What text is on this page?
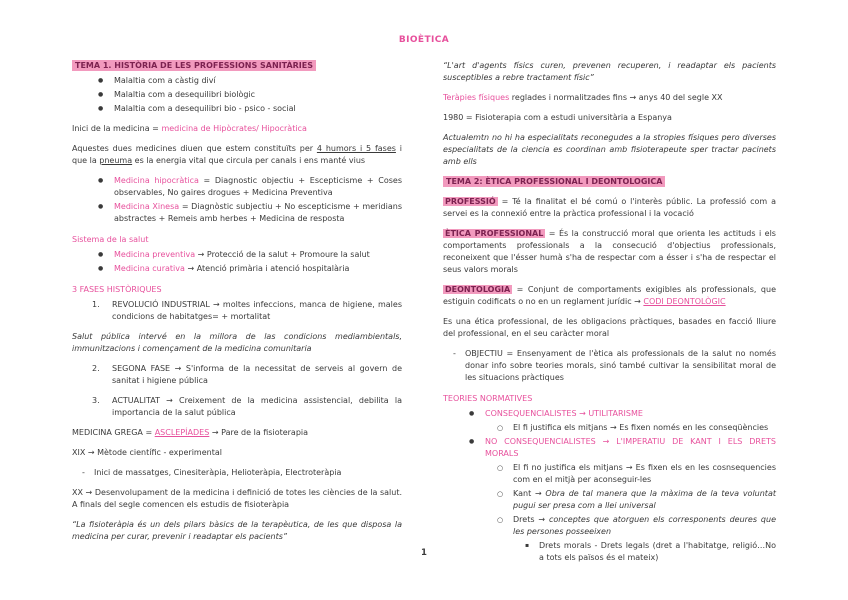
BIOÈTICA
TEMA 1. HISTÒRIA DE LES PROFESSIONS SANITÀRIES
●	Malaltia com a càstig diví
●	Malaltia com a desequilibri biològic
●	Malaltia com a desequilibri bio - psico - social
Inici de la medicina = medicina de Hipòcrates/ Hipocràtica
Aquestes dues medicines diuen que estem constituïts per 4 humors i 5 fases i que la pneuma es la energia vital que circula per canals i ens manté vius
●	Medicina hipocràtica = Diagnostic objectiu + Escepticisme + Coses observables, No gaires drogues + Medicina Preventiva
●	Medicina Xinesa = Diagnòstic subjectiu + No escepticisme + meridians abstractes + Remeis amb herbes + Medicina de resposta
Sistema de la salut
●	Medicina preventiva → Protecció de la salut + Promoure la salut
●	Medicina curativa → Atenció primària i atenció hospitalària
3 FASES HISTÒRIQUES
1.	REVOLUCIÓ INDUSTRIAL → moltes infeccions, manca de higiene, males condicions de habitatges= + mortalitat
Salut pública intervé en la millora de las condicions mediambientals, immunitzacions i començament de la medicina comunitaria
2.	SEGONA FASE → S'informa de la necessitat de serveis al govern de sanitat i higiene pública
3.	ACTUALITAT → Creixement de la medicina assistencial, debilita la importancia de la salut pública
MEDICINA GREGA = ASCLEPÍADES → Pare de la fisioterapia
XIX → Mètode científic - experimental
-	Inici de massatges, Cinesiteràpia, Helioteràpia, Electroteràpia
XX → Desenvolupament de la medicina i definició de totes les ciències de la salut. A finals del segle comencen els estudis de fisioteràpia
“La fisioteràpia és un dels pilars bàsics de la terapèutica, de les que disposa la medicina per curar, prevenir i readaptar els pacients”
“L'art d'agents físics curen, prevenen recuperen, i readaptar els pacients susceptibles a rebre tractament físic”
Teràpies físiques reglades i normalitzades fins → anys 40 del segle XX
1980 = Fisioterapia com a estudi universitària a Espanya
Actualemtn no hi ha especialitats reconegudes a la stropies físiques pero diverses especialitats de la ciencia es coordinan amb fisioterapeute sper tractar pacinets amb ells
TEMA 2: ÈTICA PROFESSIONAL I DEONTOLOGICA
PROFESSIÓ = Té la finalitat el bé comú o l'interès públic. La professió com a servei es la connexió entre la pràctica professional i la vocació
ÈTICA PROFESSIONAL = És la construcció moral que orienta les actituds i els comportaments professionals a la consecució d'objectius professionals, reconeixent que l'ésser humà s'ha de respectar com a ésser i s'ha de respectar el seus valors morals
DEONTOLOGIA = Conjunt de comportaments exigibles als professionals, que estiguin codificats o no en un reglament jurídic → CODI DEONTOLÒGIC
Es una ética professional, de les obligacions pràctiques, basades en facció lliure del professional, en el seu caràcter moral
-	OBJECTIU = Ensenyament de l'ètica als professionals de la salut no només donar info sobre teories morals, sinó també cultivar la sensibilitat moral de les situacions pràctiques
TEORIES NORMATIVES
●	CONSEQUENCIALISTES → UTILITARISME
○	El fi justifica els mitjans → Es fixen només en les conseqüències
●	NO CONSEQUENCIALISTES → L'IMPERATIU DE KANT I ELS DRETS MORALS
○	El fi no justifica els mitjans → Es fixen els en les cosnsequencies com en el mitjà per aconseguir-les
○	Kant → Obra de tal manera que la màxima de la teva voluntat pugui ser presa com a llei universal
○	Drets → conceptes que atorguen els corresponents deures que les persones posseeixen
▪	Drets morals - Drets legals (dret a l'habitatge, religió…No a tots els països és el mateix)
1
